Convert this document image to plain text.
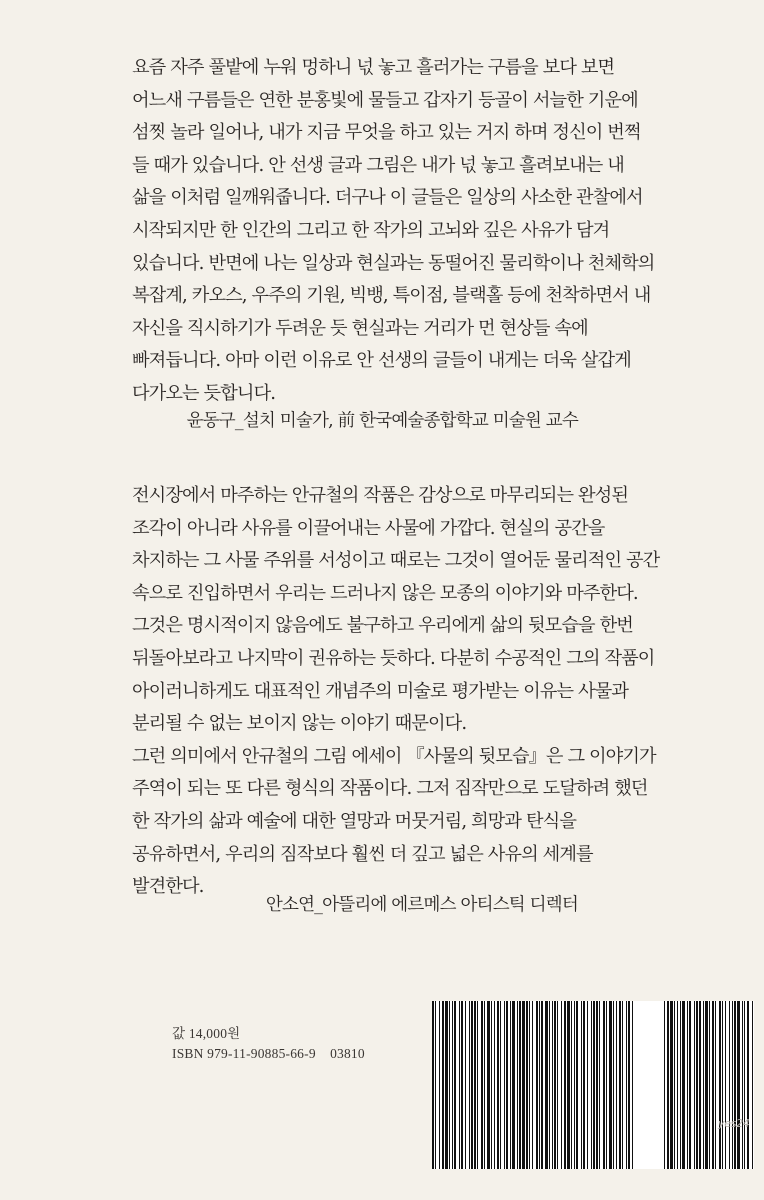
요즘 자주 풀밭에 누워 멍하니 넋 놓고 흘러가는 구름을 보다 보면
어느새 구름들은 연한 분홍빛에 물들고 갑자기 등골이 서늘한 기운에
섬찟 놀라 일어나, 내가 지금 무엇을 하고 있는 거지 하며 정신이 번쩍
들 때가 있습니다. 안 선생 글과 그림은 내가 넋 놓고 흘려보내는 내
삶을 이처럼 일깨워줍니다. 더구나 이 글들은 일상의 사소한 관찰에서
시작되지만 한 인간의 그리고 한 작가의 고뇌와 깊은 사유가 담겨
있습니다. 반면에 나는 일상과 현실과는 동떨어진 물리학이나 천체학의
복잡계, 카오스, 우주의 기원, 빅뱅, 특이점, 블랙홀 등에 천착하면서 내
자신을 직시하기가 두려운 듯 현실과는 거리가 먼 현상들 속에
빠져듭니다. 아마 이런 이유로 안 선생의 글들이 내게는 더욱 살갑게
다가오는 듯합니다.

윤동구_설치 미술가, 前 한국예술종합학교 미술원 교수

전시장에서 마주하는 안규철의 작품은 감상으로 마무리되는 완성된
조각이 아니라 사유를 이끌어내는 사물에 가깝다. 현실의 공간을
차지하는 그 사물 주위를 서성이고 때로는 그것이 열어둔 물리적인 공간
속으로 진입하면서 우리는 드러나지 않은 모종의 이야기와 마주한다.
그것은 명시적이지 않음에도 불구하고 우리에게 삶의 뒷모습을 한번
뒤돌아보라고 나지막이 권유하는 듯하다. 다분히 수공적인 그의 작품이
아이러니하게도 대표적인 개념주의 미술로 평가받는 이유는 사물과
분리될 수 없는 보이지 않는 이야기 때문이다.
그런 의미에서 안규철의 그림 에세이 『사물의 뒷모습』은 그 이야기가
주역이 되는 또 다른 형식의 작품이다. 그저 짐작만으로 도달하려 했던
한 작가의 삶과 예술에 대한 열망과 머뭇거림, 희망과 탄식을
공유하면서, 우리의 짐작보다 훨씬 더 깊고 넓은 사유의 세계를
발견한다.

안소연_아뜰리에 에르메스 아티스틱 디렉터
값 14,000원
ISBN 979-11-90885-66-9    03810
yes24
